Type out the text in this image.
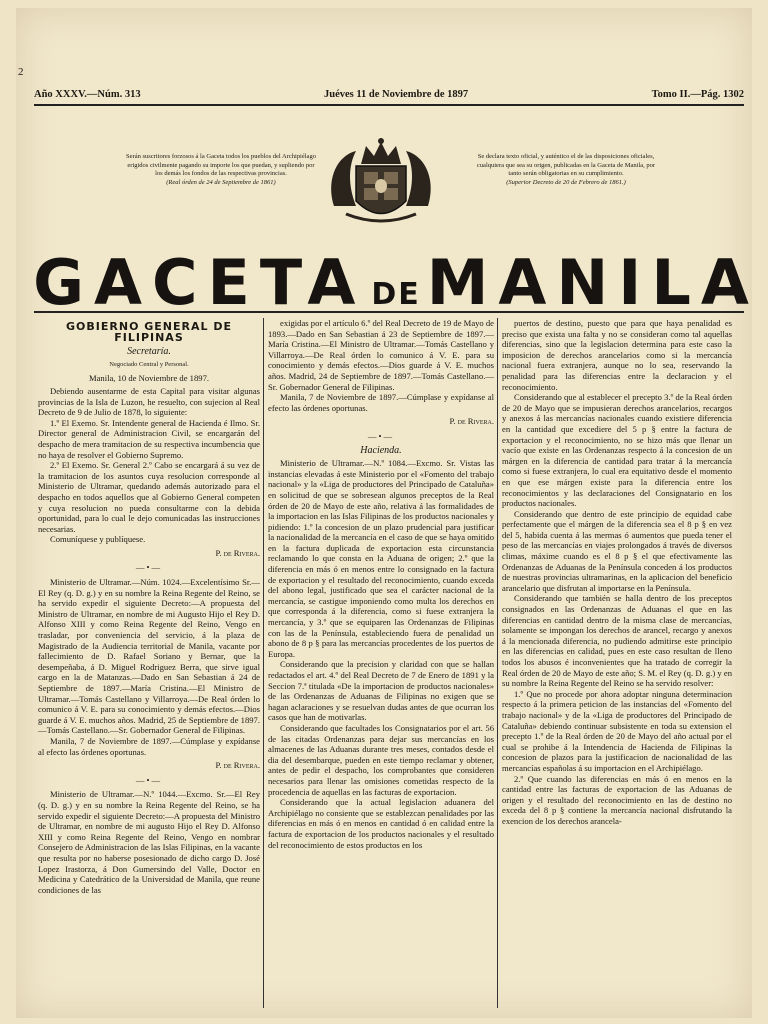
2
Año XXXV.—Núm. 313	Juéves 11 de Noviembre de 1897	Tomo II.—Pág. 1302
Serán suscritores forzosos á la Gaceta todos los pueblos del Archipiélago erigidos civilmente pagando su importe los que puedan, y supliendo por los demás los fondos de las respectivas provincias.
(Real órden de 24 de Septiembre de 1861)
Se declara texto oficial, y auténtico el de las disposiciones oficiales, cualquiera que sea su origen, publicadas en la Gaceta de Manila, por tanto serán obligatorias en su cumplimiento.
(Superior Decreto de 20 de Febrero de 1861.)
GACETA DE MANILA
GOBIERNO GENERAL DE FILIPINAS
Secretaría.
Negociado Central y Personal.
Manila, 10 de Noviembre de 1897.

Debiendo ausentarme de esta Capital para visitar algunas provincias de la Isla de Luzon, he resuelto, con sujecion al Real Decreto de 9 de Julio de 1878, lo siguiente:

1.º El Exemo. Sr. Intendente general de Hacienda é Ilmo. Sr. Director general de Administracion Civil, se encargarán del despacho de mera tramitacion de su respectiva incumbencia que no haya de resolver el Gobierno Supremo.

2.º El Exemo. Sr. General 2.º Cabo se encargará á su vez de la tramitacion de los asuntos cuya resolucion corresponde al Ministerio de Ultramar, quedando además autorizado para el despacho en todos aquellos que al Gobierno General competen y cuya resolucion no pueda consultarme con la debida oportunidad, para lo cual le dejo comunicadas las instrucciones necesarias.

Comuníquese y publíquese.

P. de Rivera.
—•—

Ministerio de Ultramar.—Núm. 1024.—Excelentísimo Sr.—El Rey (q. D. g.) y en su nombre la Reina Regente del Reino, se ha servido expedir el siguiente Decreto:—A propuesta del Ministro de Ultramar, en nombre de mi Augusto Hijo el Rey D. Alfonso XIII y como Reina Regente del Reino, Vengo en trasladar, por conveniencia del servicio, á la plaza de Magistrado de la Audiencia territorial de Manila, vacante por fallecimiento de D. Rafael Soriano y Bernar, que la desempeñaba, á D. Miguel Rodriguez Berra, que sirve igual cargo en la de Matanzas.—Dado en San Sebastian á 24 de Septiembre de 1897.—María Cristina.—El Ministro de Ultramar.—Tomás Castellano y Villarroya.—De Real órden lo comunico á V. E. para su conocimiento y demás efectos.—Dios guarde á V. E. muchos años. Madrid, 25 de Septiembre de 1897.—Tomás Castellano.—Sr. Gobernador General de Filipinas.

Manila, 7 de Noviembre de 1897.—Cúmplase y expídanse al efecto las órdenes oportunas.

P. de Rivera.
—•—

Ministerio de Ultramar.—N.º 1044.—Excmo. Sr.—El Rey (q. D. g.) y en su nombre la Reina Regente del Reino, se ha servido expedir el siguiente Decreto:—A propuesta del Ministro de Ultramar, en nombre de mi augusto Hijo el Rey D. Alfonso XIII y como Reina Regente del Reino, Vengo en nombrar Consejero de Administracion de las Islas Filipinas, en la vacante que resulta por no haberse posesionado de dicho cargo D. José Lopez Irastorza, á Don Gumersindo del Valle, Doctor en Medicina y Catedrático de la Universidad de Manila, que reune condiciones de las

exigidas por el artículo 6.º del Real Decreto de 19 de Mayo de 1893.—Dado en San Sebastian á 23 de Septiembre de 1897.—María Cristina.—El Ministro de Ultramar.—Tomás Castellano y Villarroya.—De Real órden lo comunico á V. E. para su conocimiento y demás efectos.—Dios guarde á V. E. muchos años. Madrid, 24 de Septiembre de 1897.—Tomás Castellano.—Sr. Gobernador General de Filipinas.

Manila, 7 de Noviembre de 1897.—Cúmplase y expídanse al efecto las órdenes oportunas.

P. de Rivera.
—•—
Hacienda.

Ministerio de Ultramar.—N.º 1084.—Excmo. Sr. Vistas las instancias elevadas á este Ministerio por el «Fomento del trabajo nacional» y la «Liga de productores del Principado de Cataluña» en solicitud de que se sobresean algunos preceptos de la Real órden de 20 de Mayo de este año, relativa á las formalidades de la importacion en las Islas Filipinas de los productos nacionales y pidiendo: 1.º la concesion de un plazo prudencial para justificar la nacionalidad de la mercancía en el caso de que se haya omitido en la factura duplicada de exportacion esta circunstancia reclamando lo que consta en la Aduana de origen; 2.º que la diferencia en más ó en menos entre lo consignado en la factura de exportacion y el resultado del reconocimiento, cuando exceda del abono legal, justificado que sea el carácter nacional de la mercancía, se castigue imponiendo como multa los derechos en que corresponda á la diferencia, como si fuese extranjera la mercancía, y 3.º que se equiparen las Ordenanzas de Filipinas con las de la Península, estableciendo fuera de penalidad un abono de 8 p § para las mercancías procedentes de los puertos de Europa.

Considerando que la precision y claridad con que se hallan redactados el art. 4.º del Real Decreto de 7 de Enero de 1891 y la Seccion 7.ª titulada «De la importacion de productos nacionales» de las Ordenanzas de Aduanas de Filipinas no exigen que se hagan aclaraciones y se resuelvan dudas antes de que ocurran los casos que han de motivarlas.

Considerando que facultades los Consignatarios por el art. 56 de las citadas Ordenanzas para dejar sus mercancías en los almacenes de las Aduanas durante tres meses, contados desde el dia del desembarque, pueden en este tiempo reclamar y obtener, antes de pedir el despacho, los comprobantes que consideren necesarios para llenar las omisiones cometidas respecto de la procedencia de aquellas en las facturas de exportacion.

Considerando que la actual legislacion aduanera del Archipiélago no consiente que se establezcan penalidades por las diferencias en más ó en menos en cantidad ó en calidad entre la factura de exportacion de los productos nacionales y el resultado del reconocimiento de estos productos en los

puertos de destino, puesto que para que haya penalidad es preciso que exista una falta y no se consideran como tal aquellas diferencias, sino que la legislacion determina para este caso la imposicion de derechos arancelarios como si la mercancía nacional fuera extranjera, aunque no lo sea, reservando la penalidad para las diferencias entre la declaracion y el reconocimiento.

Considerando que al establecer el precepto 3.º de la Real órden de 20 de Mayo que se impusieran derechos arancelarios, recargos y anexos á las mercancías nacionales cuando existiere diferencia en la cantidad que excediere del 5 p § entre la factura de exportacion y el reconocimiento, no se hizo más que llenar un vacío que existe en las Ordenanzas respecto á la concesion de un márgen en la diferencia de cantidad para tratar á la mercancía como si fuese extranjera, lo cual era equitativo desde el momento en que ese márgen existe para la diferencia entre los reconocimientos y las declaraciones del Consignatario en los productos nacionales.

Considerando que dentro de este principio de equidad cabe perfectamente que el márgen de la diferencia sea el 8 p § en vez del 5, habida cuenta á las mermas ó aumentos que pueda tener el peso de las mercancías en viajes prolongados á través de diversos climas, máxime cuando es el 8 p § el que efectivamente las Ordenanzas de Aduanas de la Península conceden á los productos de nuestras provincias ultramarinas, en la aplicacion del beneficio arancelario que disfrutan al importarse en la Península.

Considerando que también se halla dentro de los preceptos consignados en las Ordenanzas de Aduanas el que en las diferencias en cantidad dentro de la misma clase de mercancías, solamente se impongan los derechos de arancel, recargo y anexos á la mencionada diferencia, no pudiendo admitirse este principio en las diferencias en calidad, pues en este caso resultan de lleno todos los abusos é inconvenientes que ha tratado de corregir la Real órden de 20 de Mayo de este año; S. M. el Rey (q. D. g.) y en su nombre la Reina Regente del Reino se ha servido resolver:

1.º Que no procede por ahora adoptar ninguna determinacion respecto á la primera peticion de las instancias del «Fomento del trabajo nacional» y de la «Liga de productores del Principado de Cataluña» debiendo continuar subsistente en toda su extension el precepto 1.º de la Real órden de 20 de Mayo del año actual por el cual se prohibe á la Intendencia de Hacienda de Filipinas la concesion de plazos para la justificacion de nacionalidad de las mercancías españolas á su importacion en el Archipiélago.

2.º Que cuando las diferencias en más ó en menos en la cantidad entre las facturas de exportacion de las Aduanas de origen y el resultado del reconocimiento en las de destino no exceda del 8 p § contiene la mercancía nacional disfrutando la exencion de los derechos arancela-
